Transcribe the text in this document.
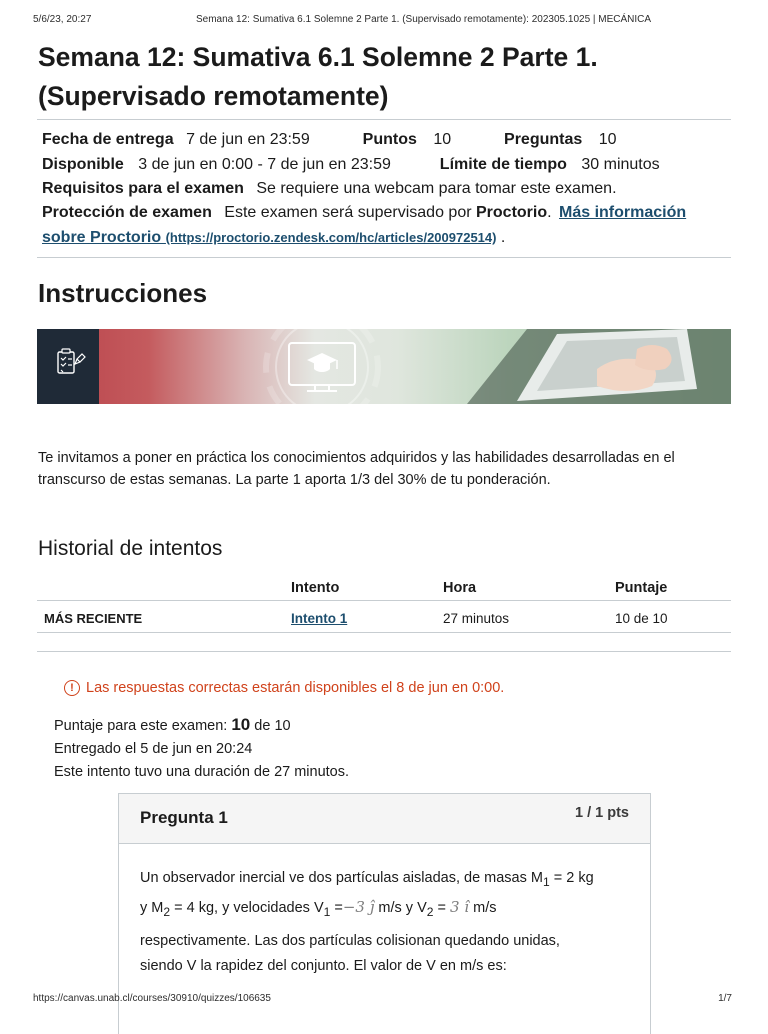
5/6/23, 20:27	Semana 12: Sumativa 6.1 Solemne 2 Parte 1. (Supervisado remotamente): 202305.1025 | MECÁNICA
Semana 12: Sumativa 6.1 Solemne 2 Parte 1. (Supervisado remotamente)
Fecha de entrega 7 de jun en 23:59	Puntos 10	Preguntas 10
Disponible 3 de jun en 0:00 - 7 de jun en 23:59	Límite de tiempo 30 minutos
Requisitos para el examen Se requiere una webcam para tomar este examen.
Protección de examen Este examen será supervisado por Proctorio. Más información
sobre Proctorio (https://proctorio.zendesk.com/hc/articles/200972514) .
Instrucciones

Te invitamos a poner en práctica los conocimientos adquiridos y las habilidades desarrolladas en el transcurso de estas semanas. La parte 1 aporta 1/3 del 30% de tu ponderación.

Historial de intentos
	Intento	Hora	Puntaje
MÁS RECIENTE	Intento 1	27 minutos	10 de 10
! Las respuestas correctas estarán disponibles el 8 de jun en 0:00.
Puntaje para este examen: 10 de 10
Entregado el 5 de jun en 20:24
Este intento tuvo una duración de 27 minutos.
Pregunta 1	1 / 1 pts
Un observador inercial ve dos partículas aisladas, de masas $M_1 = 2$ kg
y $M_2 = 4$ kg, y velocidades $V_1 =-3$ ĵ m/s y $V_2 = 3$ î m/s
respectivamente. Las dos partículas colisionan quedando unidas,
siendo V la rapidez del conjunto. El valor de V en m/s es:
https://canvas.unab.cl/courses/30910/quizzes/106635	1/7
